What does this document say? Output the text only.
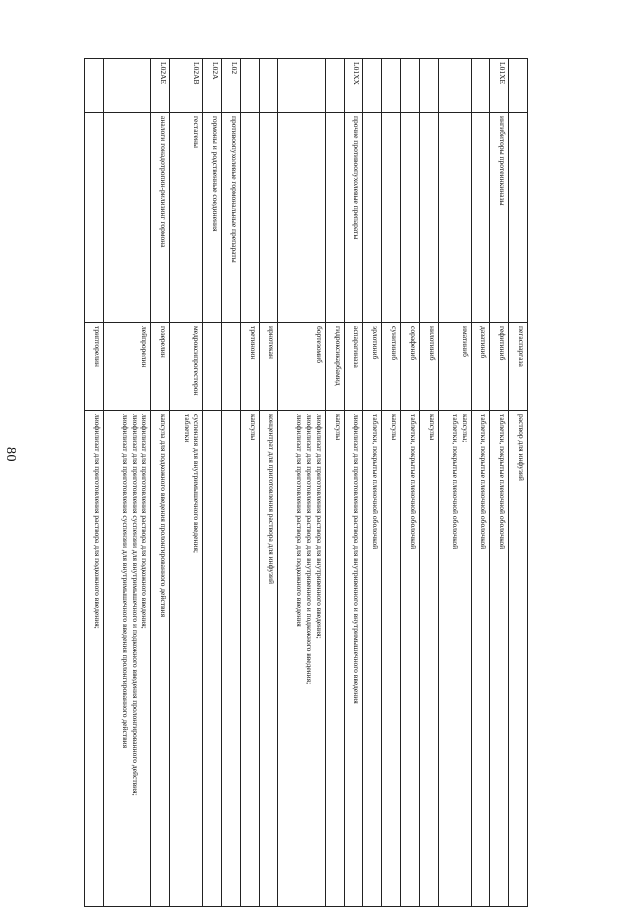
80
		пегаспаргаза	раствор для инфузий

L01XE	ингибиторы протеинкиназы	гефитиниб	таблетки, покрытые пленочной оболочкой

		дазатиниб	таблетки, покрытые пленочной оболочкой

		иматиниб	капсулы;
таблетки, покрытые пленочной оболочкой

		нилотиниб	капсулы

		сорафениб	таблетки, покрытые пленочной оболочкой

		сунитиниб	капсулы

		эрлотиниб	таблетки, покрытые пленочной оболочкой

L01XX	прочие противоопухолевые препараты	аспарагиназа	лиофилизат для приготовления раствора для внутривенного и внутримышечного введения

		гидроксикарбамид	капсулы

		бортезомиб	лиофилизат для приготовления раствора для внутривенного введения;
лиофилизат для приготовления раствора для внутривенного и подкожного введения;
лиофилизат для приготовления раствора для подкожного введения

		ирнотекан	концентрат для приготовления раствора для инфузий

		третиноин	капсулы

L02	противоопухолевые гормональные препараты		
L02A	гормоны и родственные соединения		
L02AB	гестагены	медроксипрогестерон	суспензия для внутримышечного введения;
таблетки

L02AE	аналоги гонадотропин-рилизинг гормона	гозерелин	капсула для подкожного введения пролонгированного действия

		лейпрорелин	лиофилизат для приготовления раствора для подкожного введения;
лиофилизат для приготовления суспензии для внутримышечного и подкожного введения пролонгированного действия;
лиофилизат для приготовления суспензии для внутримышечного введения пролонгированного действия

		трипторелин	лиофилизат для приготовления раствора для подкожного введения;
